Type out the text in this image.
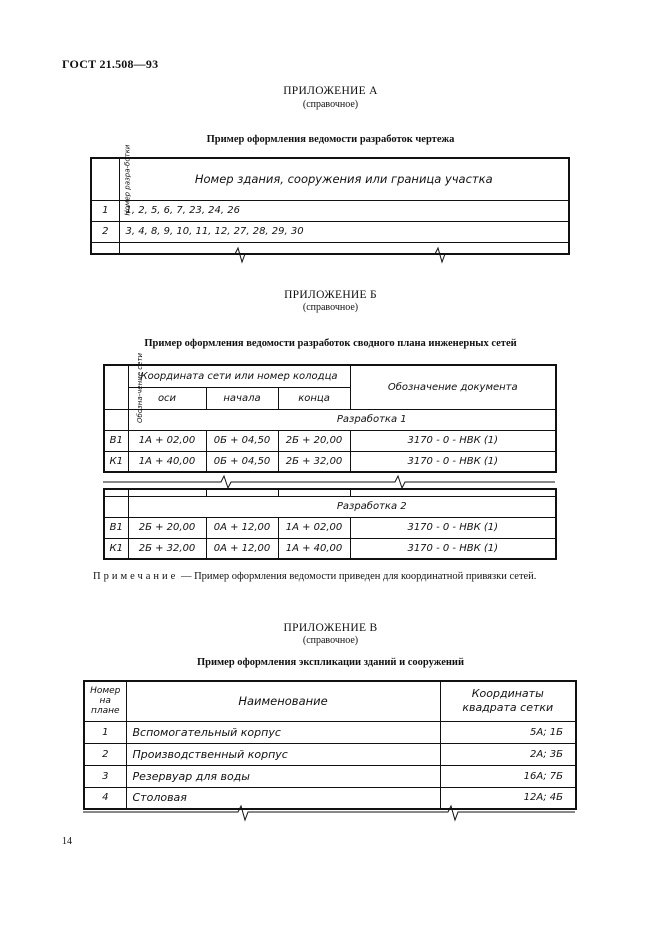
ГОСТ 21.508—93
ПРИЛОЖЕНИЕ А
(справочное)
Пример оформления ведомости разработок чертежа
Номер разра-ботки	Номер здания, сооружения или граница участка
1	1, 2, 5, 6, 7, 23, 24, 26
2	3, 4, 8, 9, 10, 11, 12, 27, 28, 29, 30

ПРИЛОЖЕНИЕ Б
(справочное)
Пример оформления ведомости разработок сводного плана инженерных сетей
Обозна-чение сети	Координата сети или номер колодца			Обозначение документа
	оси	начала	конца	
	Разработка 1			
В1	1А + 02,00	0Б + 04,50	2Б + 20,00	3170 - 0 - НВК (1)
К1	1А + 40,00	0Б + 04,50	2Б + 32,00	3170 - 0 - НВК (1)

	Разработка 2			
В1	2Б + 20,00	0А + 12,00	1А + 02,00	3170 - 0 - НВК (1)
К1	2Б + 32,00	0А + 12,00	1А + 40,00	3170 - 0 - НВК (1)
Примечание — Пример оформления ведомости приведен для координатной привязки сетей.
ПРИЛОЖЕНИЕ В
(справочное)
Пример оформления экспликации зданий и сооружений
Номер на плане	Наименование	Координаты квадрата сетки
1	Вспомогательный корпус	5А; 1Б
2	Производственный корпус	2А; 3Б
3	Резервуар для воды	16А; 7Б
4	Столовая	12А; 4Б
14
